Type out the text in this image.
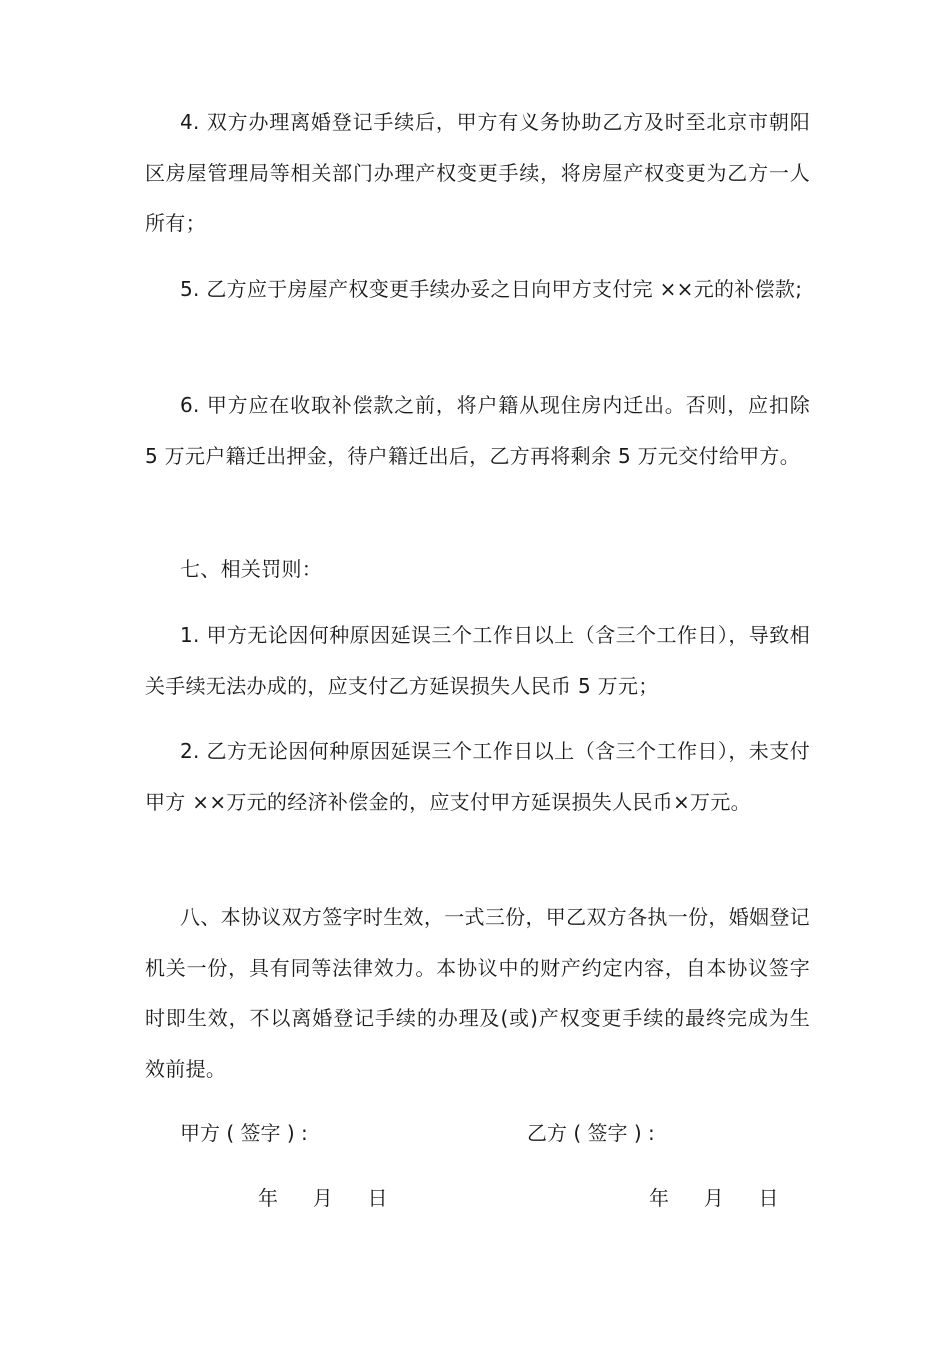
4. 双方办理离婚登记手续后，甲方有义务协助乙方及时至北京市朝阳区房屋管理局等相关部门办理产权变更手续，将房屋产权变更为乙方一人所有；

5. 乙方应于房屋产权变更手续办妥之日向甲方支付完 ××元的补偿款;

6. 甲方应在收取补偿款之前，将户籍从现住房内迁出。否则，应扣除 5 万元户籍迁出押金，待户籍迁出后，乙方再将剩余 5 万元交付给甲方。

七、相关罚则：

1. 甲方无论因何种原因延误三个工作日以上（含三个工作日），导致相关手续无法办成的，应支付乙方延误损失人民币 5 万元；

2. 乙方无论因何种原因延误三个工作日以上（含三个工作日），未支付甲方 ××万元的经济补偿金的，应支付甲方延误损失人民币×万元。

八、本协议双方签字时生效，一式三份，甲乙双方各执一份，婚姻登记机关一份，具有同等法律效力。本协议中的财产约定内容，自本协议签字时即生效，不以离婚登记手续的办理及(或)产权变更手续的最终完成为生效前提。

甲方 ( 签字 ) :	乙方 ( 签字 ) :
年 月 日	年 月 日
